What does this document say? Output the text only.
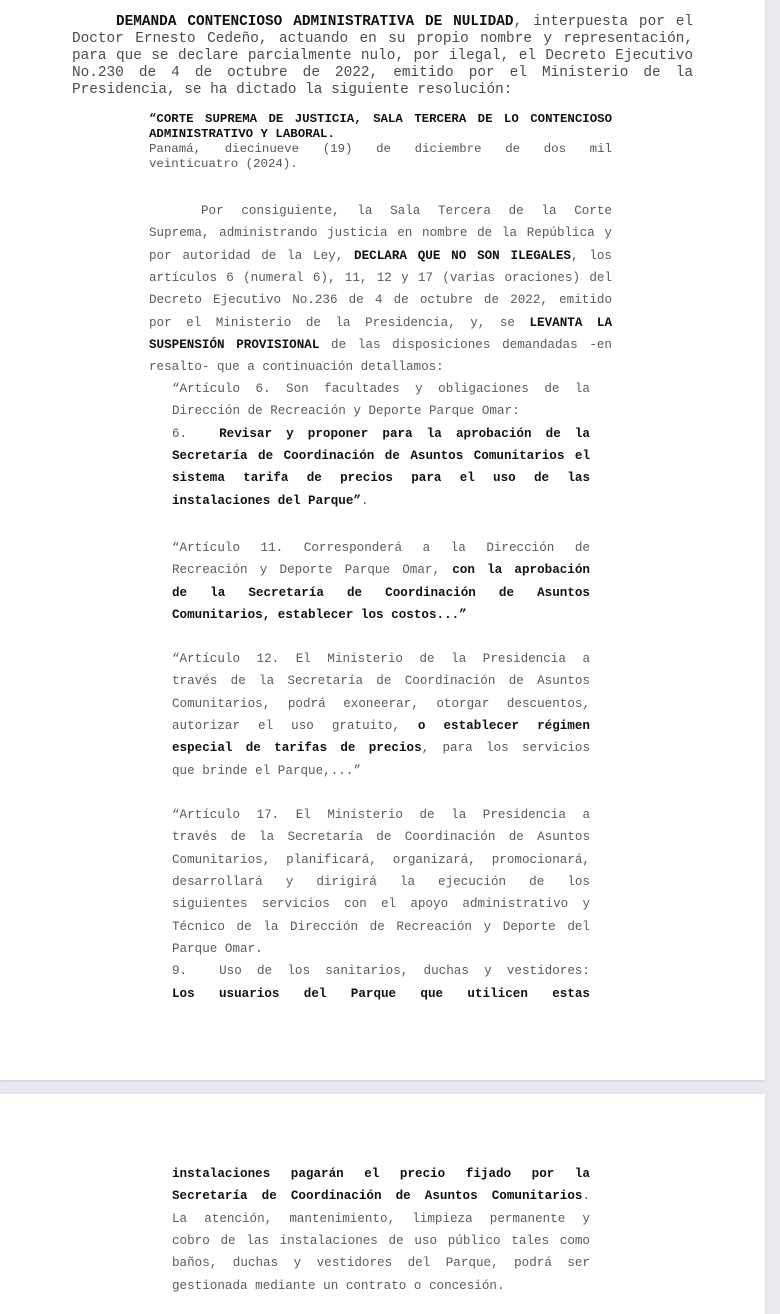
DEMANDA CONTENCIOSO ADMINISTRATIVA DE NULIDAD, interpuesta por el
Doctor Ernesto Cedeño, actuando en su propio nombre y representación,
para que se declare parcialmente nulo, por ilegal, el Decreto Ejecutivo
No.230 de 4 de octubre de 2022, emitido por el Ministerio de la
Presidencia, se ha dictado la siguiente resolución:
“CORTE SUPREMA DE JUSTICIA, SALA TERCERA DE LO CONTENCIOSO
ADMINISTRATIVO Y LABORAL.
Panamá, diecinueve (19) de diciembre de dos mil
veinticuatro (2024).
Por consiguiente, la Sala Tercera de la Corte
Suprema, administrando justicia en nombre de la República y
por autoridad de la Ley, DECLARA QUE NO SON ILEGALES, los
artículos 6 (numeral 6), 11, 12 y 17 (varias oraciones) del
Decreto Ejecutivo No.236 de 4 de octubre de 2022, emitido
por el Ministerio de la Presidencia, y, se LEVANTA LA
SUSPENSIÓN PROVISIONAL de las disposiciones demandadas -en
resalto- que a continuación detallamos:
“Artículo 6. Son facultades y obligaciones de la
Dirección de Recreación y Deporte Parque Omar:
6.	Revisar y proponer para la aprobación de la
Secretaría de Coordinación de Asuntos Comunitarios el
sistema tarifa de precios para el uso de las
instalaciones del Parque”.
“Artículo 11. Corresponderá a la Dirección de
Recreación y Deporte Parque Omar, con la aprobación
de la Secretaría de Coordinación de Asuntos
Comunitarios, establecer los costos...”
“Artículo 12. El Ministerio de la Presidencia a
través de la Secretaría de Coordinación de Asuntos
Comunitarios, podrá exoneerar, otorgar descuentos,
autorizar el uso gratuito, o establecer régimen
especial de tarifas de precios, para los servicios
que brinde el Parque,...”
“Artículo 17. El Ministerio de la Presidencia a
través de la Secretaría de Coordinación de Asuntos
Comunitarios, planificará, organizará, promocionará,
desarrollará y dirigirá la ejecución de los
siguientes servicios con el apoyo administrativo y
Técnico de la Dirección de Recreación y Deporte del
Parque Omar.
9.	Uso de los sanitarios, duchas y vestidores:
Los usuarios del Parque que utilicen estas
instalaciones pagarán el precio fijado por la
Secretaría de Coordinación de Asuntos Comunitarios.
La atención, mantenimiento, limpieza permanente y
cobro de las instalaciones de uso público tales como
baños, duchas y vestidores del Parque, podrá ser
gestionada mediante un contrato o concesión.
